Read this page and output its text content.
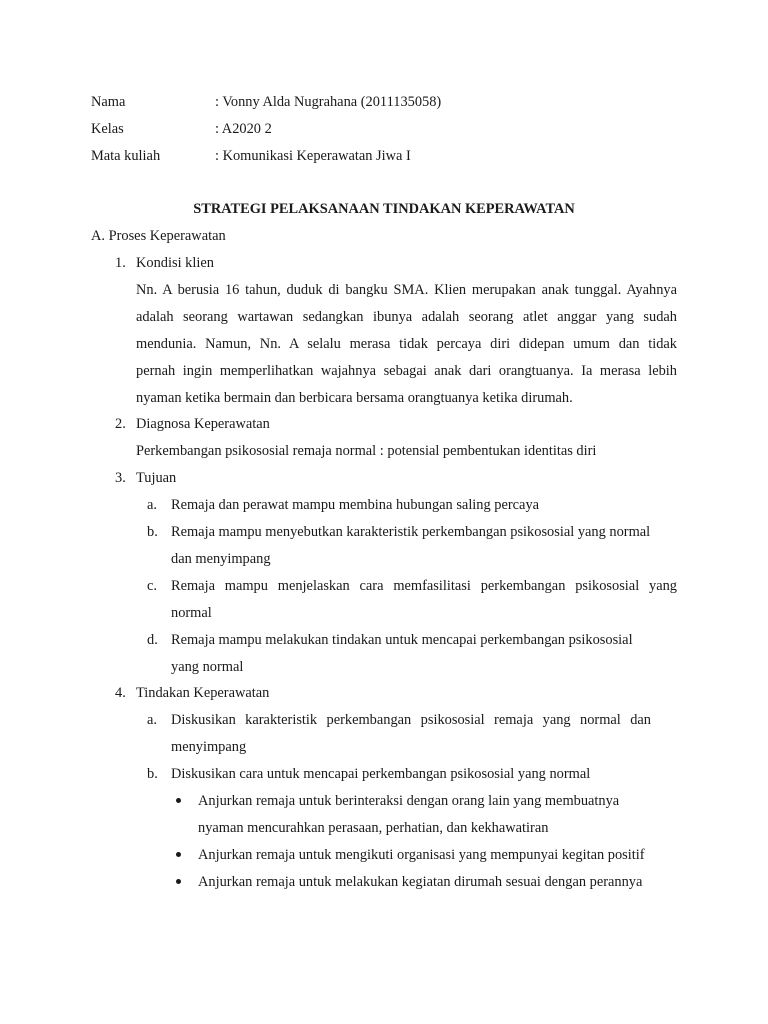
Nama	: Vonny Alda Nugrahana (2011135058)
Kelas	: A2020 2
Mata kuliah	: Komunikasi Keperawatan Jiwa I
STRATEGI PELAKSANAAN TINDAKAN KEPERAWATAN
A. Proses Keperawatan
1. Kondisi klien
Nn. A berusia 16 tahun, duduk di bangku SMA. Klien merupakan anak tunggal. Ayahnya
adalah seorang wartawan sedangkan ibunya adalah seorang atlet anggar yang sudah
mendunia. Namun, Nn. A selalu merasa tidak percaya diri didepan umum dan tidak
pernah ingin memperlihatkan wajahnya sebagai anak dari orangtuanya. Ia merasa lebih
nyaman ketika bermain dan berbicara bersama orangtuanya ketika dirumah.
2. Diagnosa Keperawatan
Perkembangan psikososial remaja normal : potensial pembentukan identitas diri
3. Tujuan
a. Remaja dan perawat mampu membina hubungan saling percaya
b. Remaja mampu menyebutkan karakteristik perkembangan psikososial yang normal
dan menyimpang
c. Remaja mampu menjelaskan cara memfasilitasi perkembangan psikososial yang
normal
d. Remaja mampu melakukan tindakan untuk mencapai perkembangan psikososial
yang normal
4. Tindakan Keperawatan
a. Diskusikan karakteristik perkembangan psikososial remaja yang normal dan
menyimpang
b. Diskusikan cara untuk mencapai perkembangan psikososial yang normal
Anjurkan remaja untuk berinteraksi dengan orang lain yang membuatnya
nyaman mencurahkan perasaan, perhatian, dan kekhawatiran
Anjurkan remaja untuk mengikuti organisasi yang mempunyai kegitan positif
Anjurkan remaja untuk melakukan kegiatan dirumah sesuai dengan perannya
